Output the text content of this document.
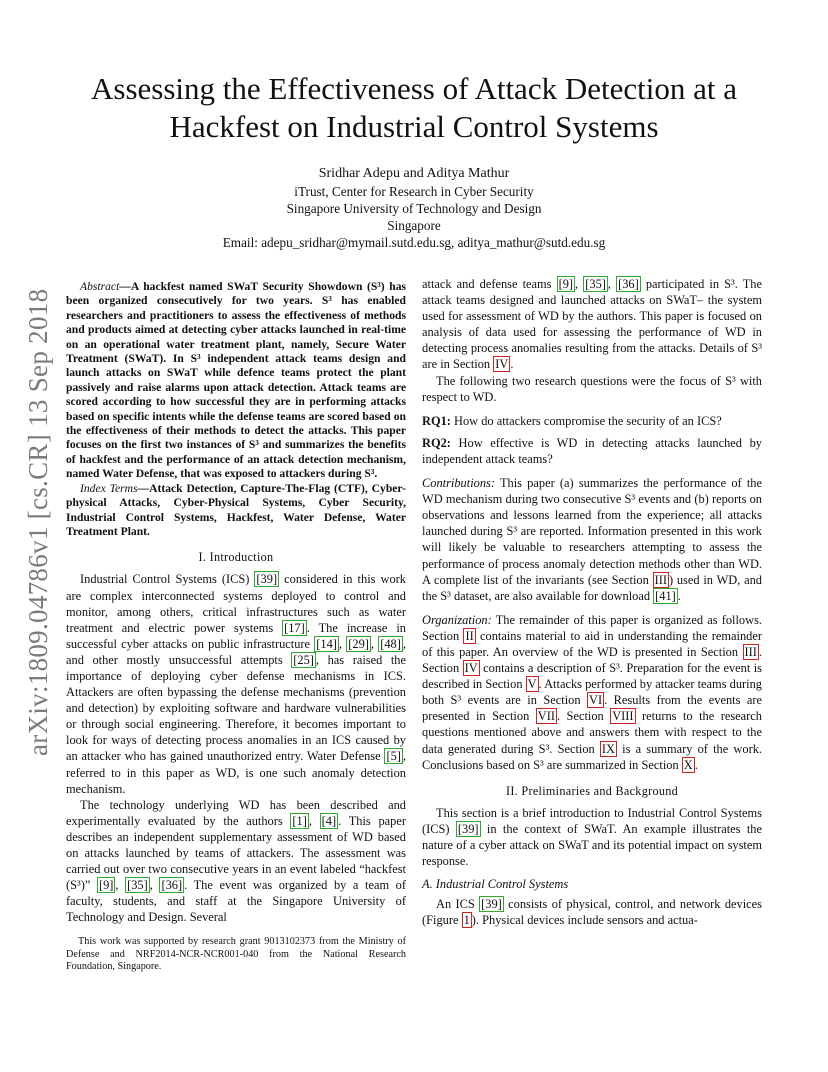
Assessing the Effectiveness of Attack Detection at a
Hackfest on Industrial Control Systems
Sridhar Adepu and Aditya Mathur
iTrust, Center for Research in Cyber Security
Singapore University of Technology and Design
Singapore
Email: adepu_sridhar@mymail.sutd.edu.sg, aditya_mathur@sutd.edu.sg
arXiv:1809.04786v1 [cs.CR] 13 Sep 2018

Abstract—A hackfest named SWaT Security Showdown (S³) has been organized consecutively for two years. S³ has enabled researchers and practitioners to assess the effectiveness of methods and products aimed at detecting cyber attacks launched in real-time on an operational water treatment plant, namely, Secure Water Treatment (SWaT). In S³ independent attack teams design and launch attacks on SWaT while defence teams protect the plant passively and raise alarms upon attack detection. Attack teams are scored according to how successful they are in performing attacks based on specific intents while the defense teams are scored based on the effectiveness of their methods to detect the attacks. This paper focuses on the first two instances of S³ and summarizes the benefits of hackfest and the performance of an attack detection mechanism, named Water Defense, that was exposed to attackers during S³.

Index Terms—Attack Detection, Capture-The-Flag (CTF), Cyber-physical Attacks, Cyber-Physical Systems, Cyber Security, Industrial Control Systems, Hackfest, Water Defense, Water Treatment Plant.

I. Introduction

Industrial Control Systems (ICS) [39] considered in this work are complex interconnected systems deployed to control and monitor, among others, critical infrastructures such as water treatment and electric power systems [17] . The increase in successful cyber attacks on public infrastructure [14] , [29] , [48] , and other mostly unsuccessful attempts [25] , has raised the importance of deploying cyber defense mechanisms in ICS. Attackers are often bypassing the defense mechanisms (prevention and detection) by exploiting software and hardware vulnerabilities or through social engineering. Therefore, it becomes important to look for ways of detecting process anomalies in an ICS caused by an attacker who has gained unauthorized entry. Water Defense [5] , referred to in this paper as WD, is one such anomaly detection mechanism.

The technology underlying WD has been described and experimentally evaluated by the authors [1] , [4] . This paper describes an independent supplementary assessment of WD based on attacks launched by teams of attackers. The assessment was carried out over two consecutive years in an event labeled “hackfest (S³)” [9] , [35] , [36] . The event was organized by a team of faculty, students, and staff at the Singapore University of Technology and Design. Several

This work was supported by research grant 9013102373 from the Ministry of Defense and NRF2014-NCR-NCR001-040 from the National Research Foundation, Singapore.

attack and defense teams [9] , [35] , [36] participated in S³. The attack teams designed and launched attacks on SWaT– the system used for assessment of WD by the authors. This paper is focused on analysis of data used for assessing the performance of WD in detecting process anomalies resulting from the attacks. Details of S³ are in Section IV .

The following two research questions were the focus of S³ with respect to WD.

RQ1: How do attackers compromise the security of an ICS?

RQ2: How effective is WD in detecting attacks launched by independent attack teams?

Contributions: This paper (a) summarizes the performance of the WD mechanism during two consecutive S³ events and (b) reports on observations and lessons learned from the experience; all attacks launched during S³ are reported. Information presented in this work will likely be valuable to researchers attempting to assess the performance of process anomaly detection methods other than WD. A complete list of the invariants (see Section III ) used in WD, and the S³ dataset, are also available for download [41] .

Organization: The remainder of this paper is organized as follows. Section II contains material to aid in understanding the remainder of this paper. An overview of the WD is presented in Section III . Section IV contains a description of S³. Preparation for the event is described in Section V . Attacks performed by attacker teams during both S³ events are in Section VI . Results from the events are presented in Section VII . Section VIII returns to the research questions mentioned above and answers them with respect to the data generated during S³. Section IX is a summary of the work. Conclusions based on S³ are summarized in Section X .

II. Preliminaries and Background

This section is a brief introduction to Industrial Control Systems (ICS) [39] in the context of SWaT. An example illustrates the nature of a cyber attack on SWaT and its potential impact on system response.

A. Industrial Control Systems

An ICS [39] consists of physical, control, and network devices (Figure 1 ). Physical devices include sensors and actua-
